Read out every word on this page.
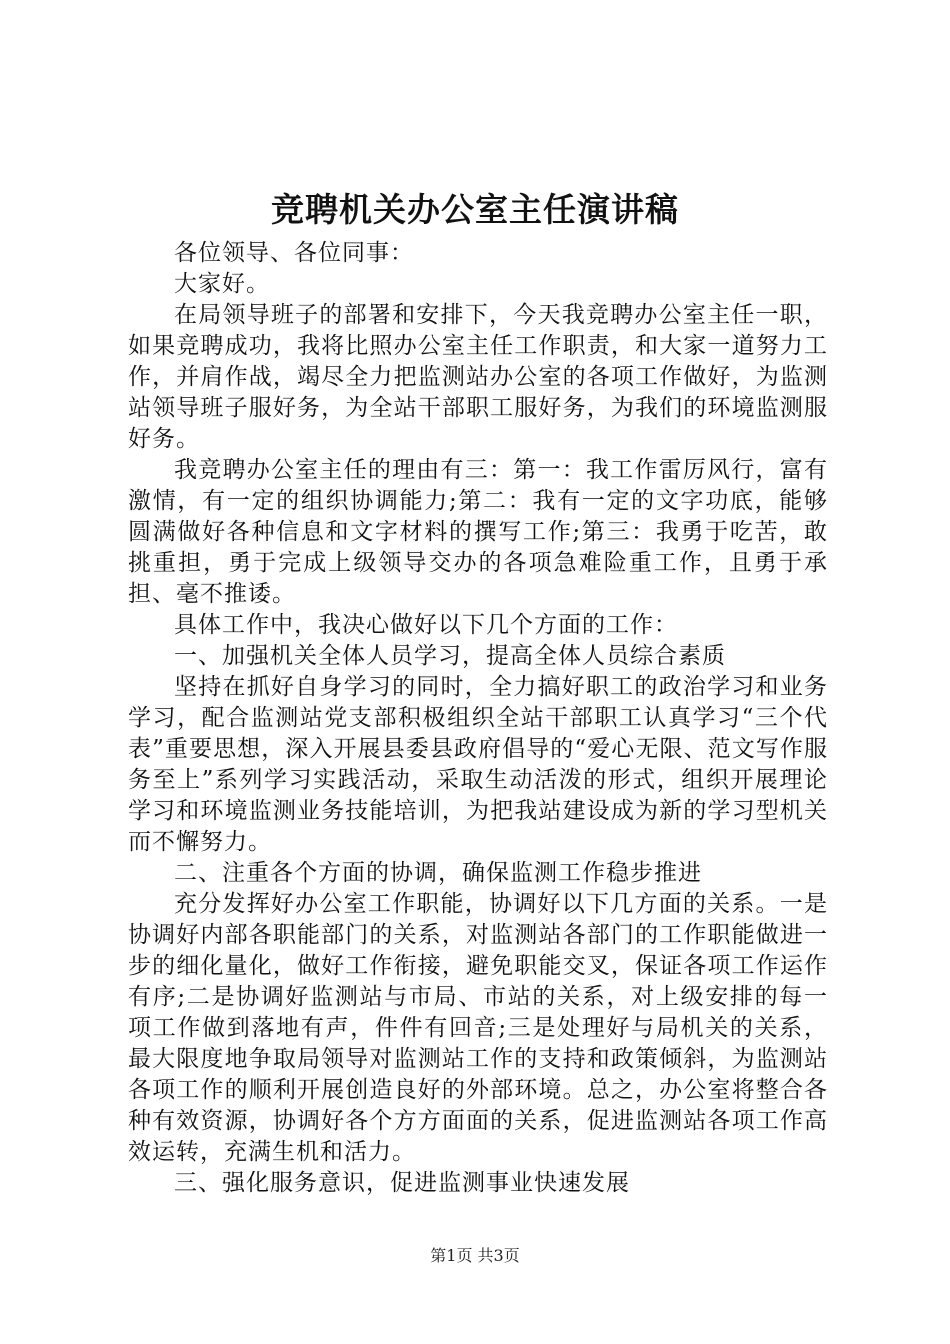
竞聘机关办公室主任演讲稿

各位领导、各位同事：

大家好。

在局领导班子的部署和安排下，今天我竞聘办公室主任一职，如果竞聘成功，我将比照办公室主任工作职责，和大家一道努力工作，并肩作战，竭尽全力把监测站办公室的各项工作做好，为监测站领导班子服好务，为全站干部职工服好务，为我们的环境监测服好务。

我竞聘办公室主任的理由有三：第一：我工作雷厉风行，富有激情，有一定的组织协调能力;第二：我有一定的文字功底，能够圆满做好各种信息和文字材料的撰写工作;第三：我勇于吃苦，敢挑重担，勇于完成上级领导交办的各项急难险重工作，且勇于承担、毫不推诿。

具体工作中，我决心做好以下几个方面的工作：

一、加强机关全体人员学习，提高全体人员综合素质

坚持在抓好自身学习的同时，全力搞好职工的政治学习和业务学习，配合监测站党支部积极组织全站干部职工认真学习“三个代表”重要思想，深入开展县委县政府倡导的“爱心无限、范文写作服务至上”系列学习实践活动，采取生动活泼的形式，组织开展理论学习和环境监测业务技能培训，为把我站建设成为新的学习型机关而不懈努力。

二、注重各个方面的协调，确保监测工作稳步推进

充分发挥好办公室工作职能，协调好以下几方面的关系。一是协调好内部各职能部门的关系，对监测站各部门的工作职能做进一步的细化量化，做好工作衔接，避免职能交叉，保证各项工作运作有序;二是协调好监测站与市局、市站的关系，对上级安排的每一项工作做到落地有声，件件有回音;三是处理好与局机关的关系，最大限度地争取局领导对监测站工作的支持和政策倾斜，为监测站各项工作的顺利开展创造良好的外部环境。总之，办公室将整合各种有效资源，协调好各个方方面面的关系，促进监测站各项工作高效运转，充满生机和活力。

三、强化服务意识，促进监测事业快速发展

第1页 共3页
